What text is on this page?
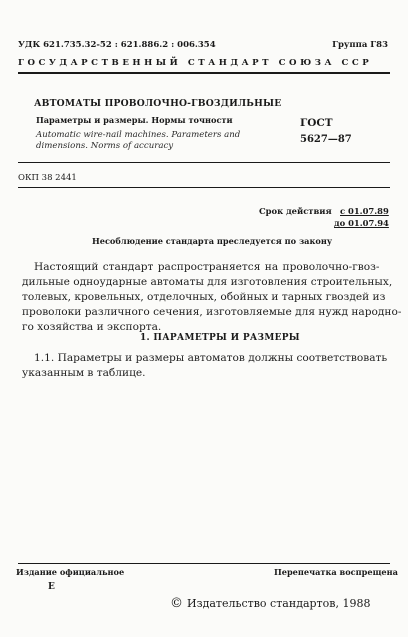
УДК 621.735.32-52 : 621.886.2 : 006.354	Группа Г83
ГОСУДАРСТВЕННЫЙ СТАНДАРТ СОЮЗА ССР
АВТОМАТЫ ПРОВОЛОЧНО-ГВОЗДИЛЬНЫЕ
Параметры и размеры. Нормы точности
Automatic wire-nail machines. Parameters and
dimensions. Norms of accuracy
ГОСТ
5627—87
ОКП 38 2441
Срок действия с 01.07.89
до 01.07.94
Несоблюдение стандарта преследуется по закону
Настоящий стандарт распространяется на проволочно-гвоз-
дильные одноударные автоматы для изготовления строительных,
толевых, кровельных, отделочных, обойных и тарных гвоздей из
проволоки различного сечения, изготовляемые для нужд народно-
го хозяйства и экспорта.
1. ПАРАМЕТРЫ И РАЗМЕРЫ
1.1. Параметры и размеры автоматов должны соответствовать
указанным в таблице.
Издание официальное
Е
Перепечатка воспрещена
© Издательство стандартов, 1988
